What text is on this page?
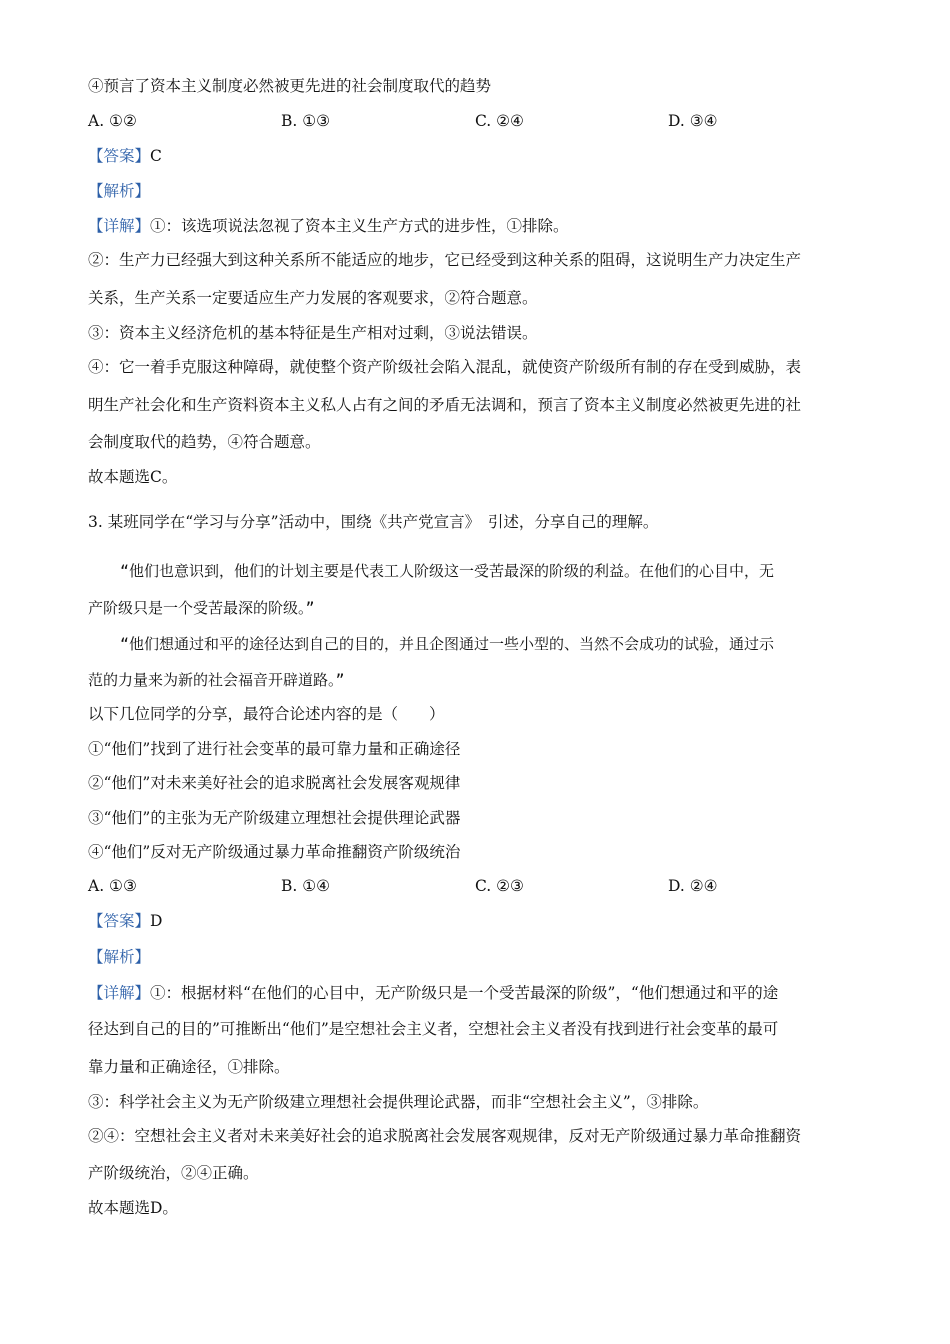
④预言了资本主义制度必然被更先进的社会制度取代的趋势
A. ①②	B. ①③	C. ②④	D. ③④
【答案】C
【解析】
【详解】①：该选项说法忽视了资本主义生产方式的进步性，①排除。
②：生产力已经强大到这种关系所不能适应的地步，它已经受到这种关系的阻碍，这说明生产力决定生产
关系，生产关系一定要适应生产力发展的客观要求，②符合题意。
③：资本主义经济危机的基本特征是生产相对过剩，③说法错误。
④：它一着手克服这种障碍，就使整个资产阶级社会陷入混乱，就使资产阶级所有制的存在受到威胁，表
明生产社会化和生产资料资本主义私人占有之间的矛盾无法调和，预言了资本主义制度必然被更先进的社
会制度取代的趋势，④符合题意。
故本题选C。
3. 某班同学在“学习与分享”活动中，围绕《共产党宣言》　引述，分享自己的理解。
“他们也意识到，他们的计划主要是代表工人阶级这一受苦最深的阶级的利益。在他们的心目中，无
产阶级只是一个受苦最深的阶级。”
“他们想通过和平的途径达到自己的目的，并且企图通过一些小型的、当然不会成功的试验，通过示
范的力量来为新的社会福音开辟道路。”
以下几位同学的分享，最符合论述内容的是（　　）
①“他们”找到了进行社会变革的最可靠力量和正确途径
②“他们”对未来美好社会的追求脱离社会发展客观规律
③“他们”的主张为无产阶级建立理想社会提供理论武器
④“他们”反对无产阶级通过暴力革命推翻资产阶级统治
A. ①③	B. ①④	C. ②③	D. ②④
【答案】D
【解析】
【详解】①：根据材料“在他们的心目中，无产阶级只是一个受苦最深的阶级”，“他们想通过和平的途
径达到自己的目的”可推断出“他们”是空想社会主义者，空想社会主义者没有找到进行社会变革的最可
靠力量和正确途径，①排除。
③：科学社会主义为无产阶级建立理想社会提供理论武器，而非“空想社会主义”，③排除。
②④：空想社会主义者对未来美好社会的追求脱离社会发展客观规律，反对无产阶级通过暴力革命推翻资
产阶级统治，②④正确。
故本题选D。
